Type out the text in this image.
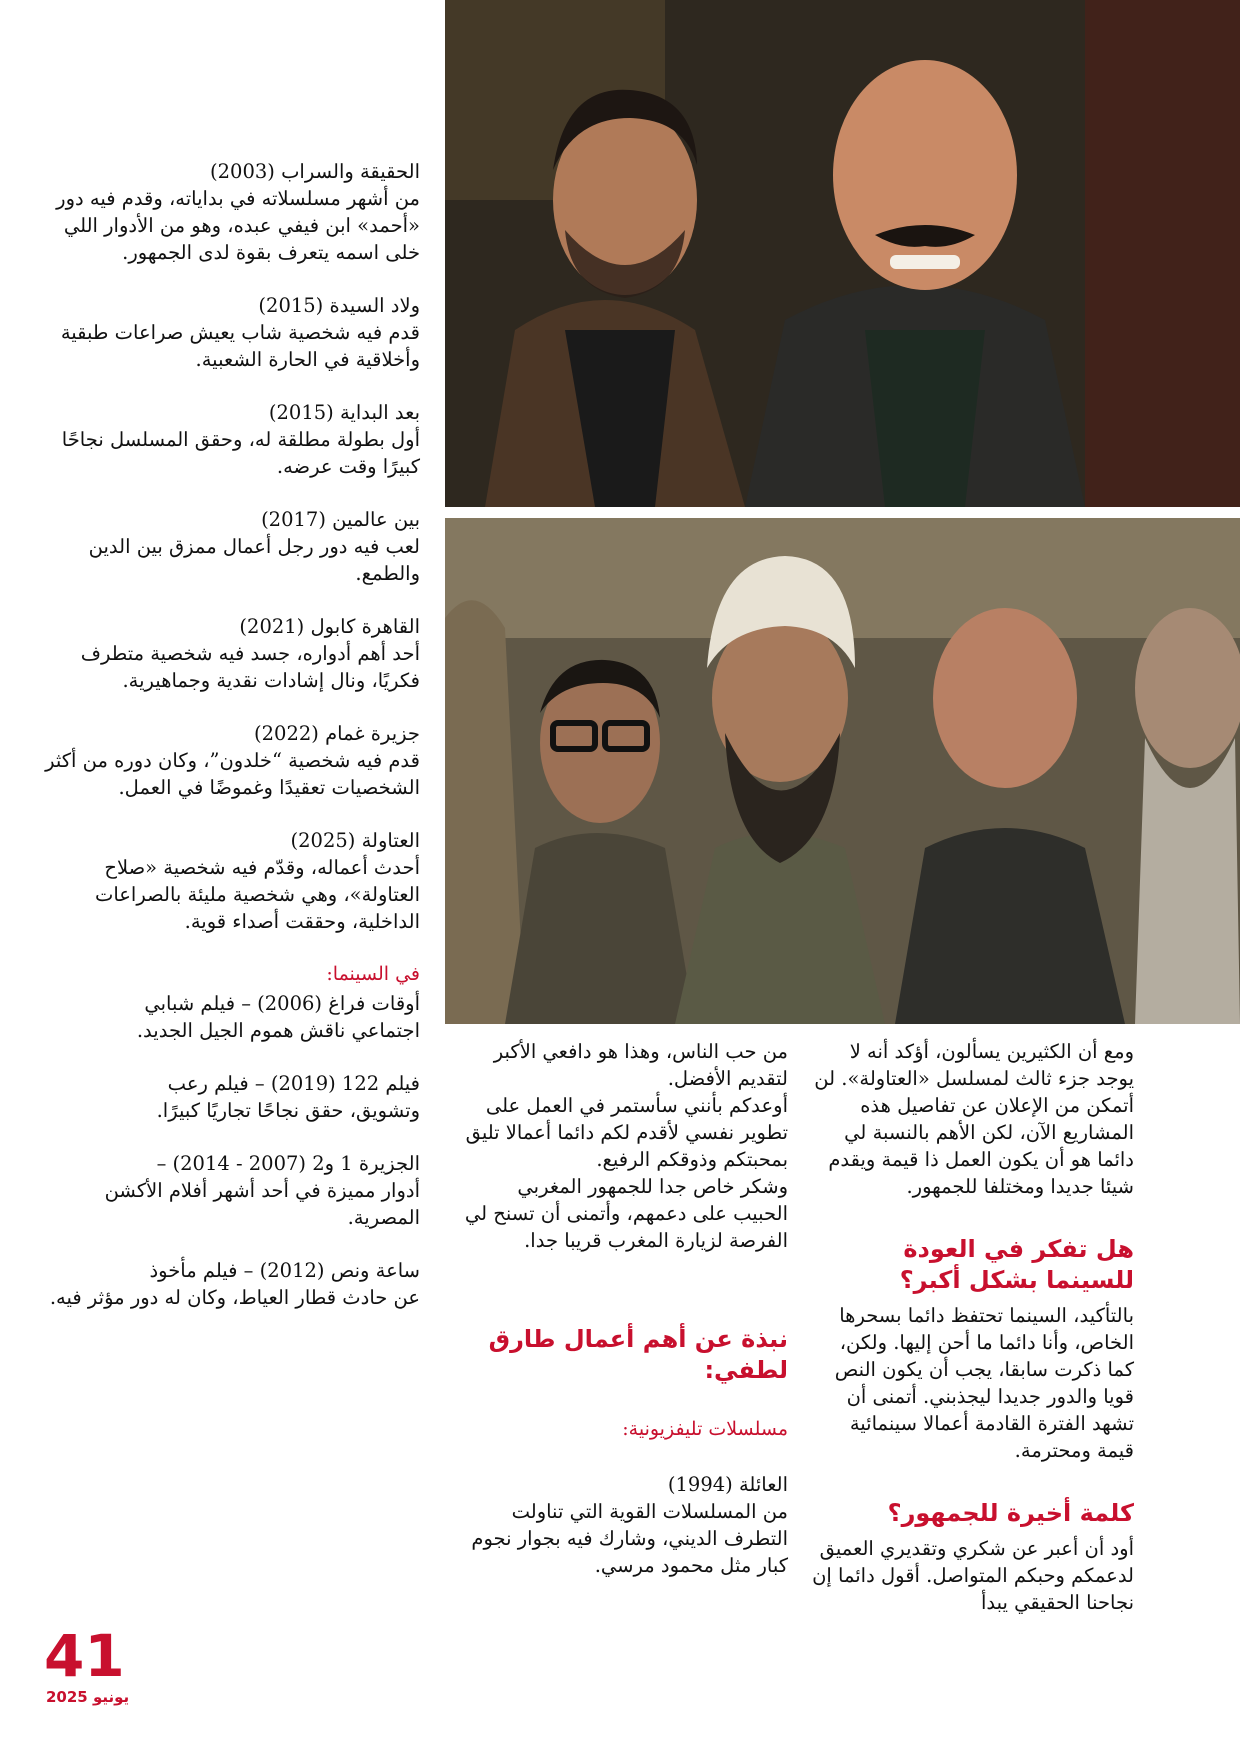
الحقيقة والسراب (2003)

من أشهر مسلسلاته في بداياته، وقدم فيه دور «أحمد» ابن فيفي عبده، وهو من الأدوار اللي خلى اسمه يتعرف بقوة لدى الجمهور.

ولاد السيدة (2015)

قدم فيه شخصية شاب يعيش صراعات طبقية وأخلاقية في الحارة الشعبية.

بعد البداية (2015)

أول بطولة مطلقة له، وحقق المسلسل نجاحًا كبيرًا وقت عرضه.

بين عالمين (2017)

لعب فيه دور رجل أعمال ممزق بين الدين والطمع.

القاهرة كابول (2021)

أحد أهم أدواره، جسد فيه شخصية متطرف فكريًا، ونال إشادات نقدية وجماهيرية.

جزيرة غمام (2022)

قدم فيه شخصية “خلدون”، وكان دوره من أكثر الشخصيات تعقيدًا وغموضًا في العمل.

العتاولة (2025)

أحدث أعماله، وقدّم فيه شخصية «صلاح العتاولة»، وهي شخصية مليئة بالصراعات الداخلية، وحققت أصداء قوية.

في السينما:

أوقات فراغ (2006) – فيلم شبابي

اجتماعي ناقش هموم الجيل الجديد.

فيلم 122 (2019) – فيلم رعب

وتشويق، حقق نجاحًا تجاريًا كبيرًا.

الجزيرة 1 و2 (2007 - 2014) –

أدوار مميزة في أحد أشهر أفلام الأكشن المصرية.

ساعة ونص (2012) – فيلم مأخوذ

عن حادث قطار العياط، وكان له دور مؤثر فيه.

من حب الناس، وهذا هو دافعي الأكبر لتقديم الأفضل.

أوعدكم بأنني سأستمر في العمل على تطوير نفسي لأقدم لكم دائما أعمالا تليق بمحبتكم وذوقكم الرفيع.

وشكر خاص جدا للجمهور المغربي الحبيب على دعمهم، وأتمنى أن تسنح لي الفرصة لزيارة المغرب قريبا جدا.

نبذة عن أهم أعمال طارق لطفي:

مسلسلات تليفزيونية:

العائلة (1994)

من المسلسلات القوية التي تناولت التطرف الديني، وشارك فيه بجوار نجوم كبار مثل محمود مرسي.

ومع أن الكثيرين يسألون، أؤكد أنه لا يوجد جزء ثالث لمسلسل «العتاولة». لن أتمكن من الإعلان عن تفاصيل هذه المشاريع الآن، لكن الأهم بالنسبة لي دائما هو أن يكون العمل ذا قيمة ويقدم شيئا جديدا ومختلفا للجمهور.

هل تفكر في العودة للسينما بشكل أكبر؟

بالتأكيد، السينما تحتفظ دائما بسحرها الخاص، وأنا دائما ما أحن إليها. ولكن، كما ذكرت سابقا، يجب أن يكون النص قويا والدور جديدا ليجذبني. أتمنى أن تشهد الفترة القادمة أعمالا سينمائية قيمة ومحترمة.

كلمة أخيرة للجمهور؟

أود أن أعبر عن شكري وتقديري العميق لدعمكم وحبكم المتواصل. أقول دائما إن نجاحنا الحقيقي يبدأ

41
يونيو 2025
